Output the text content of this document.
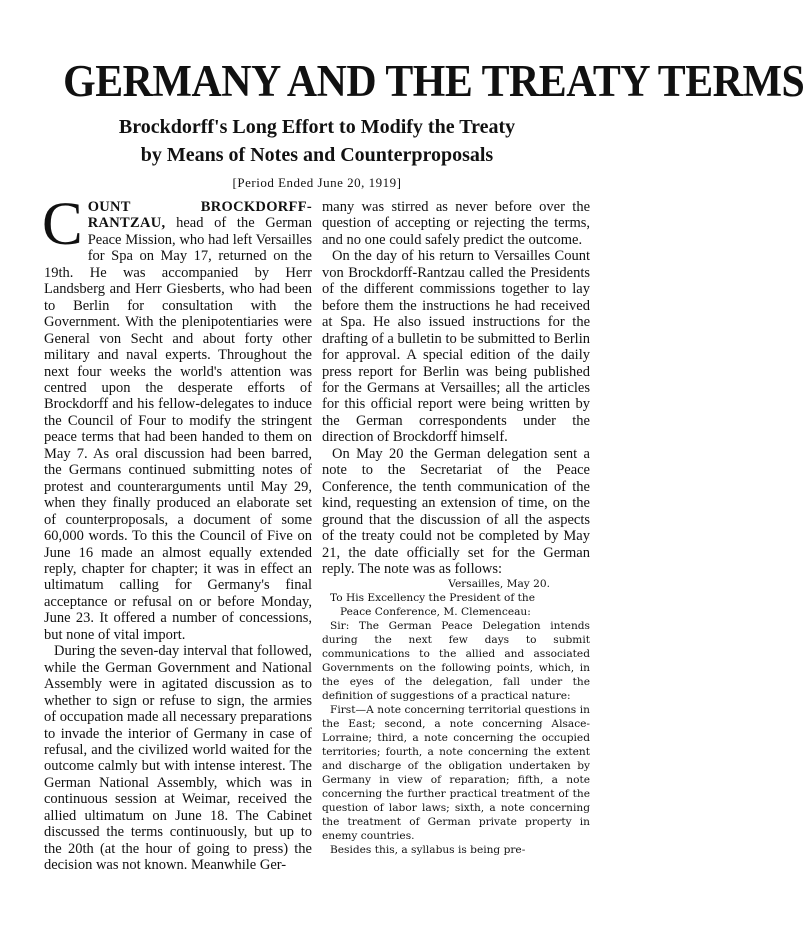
GERMANY AND THE TREATY TERMS
Brockdorff's Long Effort to Modify the Treaty
by Means of Notes and Counterproposals
[Period Ended June 20, 1919]

COUNT BROCKDORFF-RANTZAU, head of the German Peace Mission, who had left Versailles for Spa on May 17, returned on the 19th. He was accompanied by Herr Landsberg and Herr Giesberts, who had been to Berlin for consultation with the Government. With the plenipotentiaries were General von Secht and about forty other military and naval experts. Throughout the next four weeks the world's attention was centred upon the desperate efforts of Brockdorff and his fellow-delegates to induce the Council of Four to modify the stringent peace terms that had been handed to them on May 7. As oral discussion had been barred, the Germans continued submitting notes of protest and counterarguments until May 29, when they finally produced an elaborate set of counterproposals, a document of some 60,000 words. To this the Council of Five on June 16 made an almost equally extended reply, chapter for chapter; it was in effect an ultimatum calling for Germany's final acceptance or refusal on or before Monday, June 23. It offered a number of concessions, but none of vital import.

During the seven-day interval that followed, while the German Government and National Assembly were in agitated discussion as to whether to sign or refuse to sign, the armies of occupation made all necessary preparations to invade the interior of Germany in case of refusal, and the civilized world waited for the outcome calmly but with intense interest. The German National Assembly, which was in continuous session at Weimar, received the allied ultimatum on June 18. The Cabinet discussed the terms continuously, but up to the 20th (at the hour of going to press) the decision was not known. Meanwhile Ger-

many was stirred as never before over the question of accepting or rejecting the terms, and no one could safely predict the outcome.

On the day of his return to Versailles Count von Brockdorff-Rantzau called the Presidents of the different commissions together to lay before them the instructions he had received at Spa. He also issued instructions for the drafting of a bulletin to be submitted to Berlin for approval. A special edition of the daily press report for Berlin was being published for the Germans at Versailles; all the articles for this official report were being written by the German correspondents under the direction of Brockdorff himself.

On May 20 the German delegation sent a note to the Secretariat of the Peace Conference, the tenth communication of the kind, requesting an extension of time, on the ground that the discussion of all the aspects of the treaty could not be completed by May 21, the date officially set for the German reply. The note was as follows:

Versailles, May 20.
To His Excellency the President of the
Peace Conference, M. Clemenceau:

Sir: The German Peace Delegation intends during the next few days to submit communications to the allied and associated Governments on the following points, which, in the eyes of the delegation, fall under the definition of suggestions of a practical nature:

First—A note concerning territorial questions in the East; second, a note concerning Alsace-Lorraine; third, a note concerning the occupied territories; fourth, a note concerning the extent and discharge of the obligation undertaken by Germany in view of reparation; fifth, a note concerning the further practical treatment of the question of labor laws; sixth, a note concerning the treatment of German private property in enemy countries.

Besides this, a syllabus is being pre-
